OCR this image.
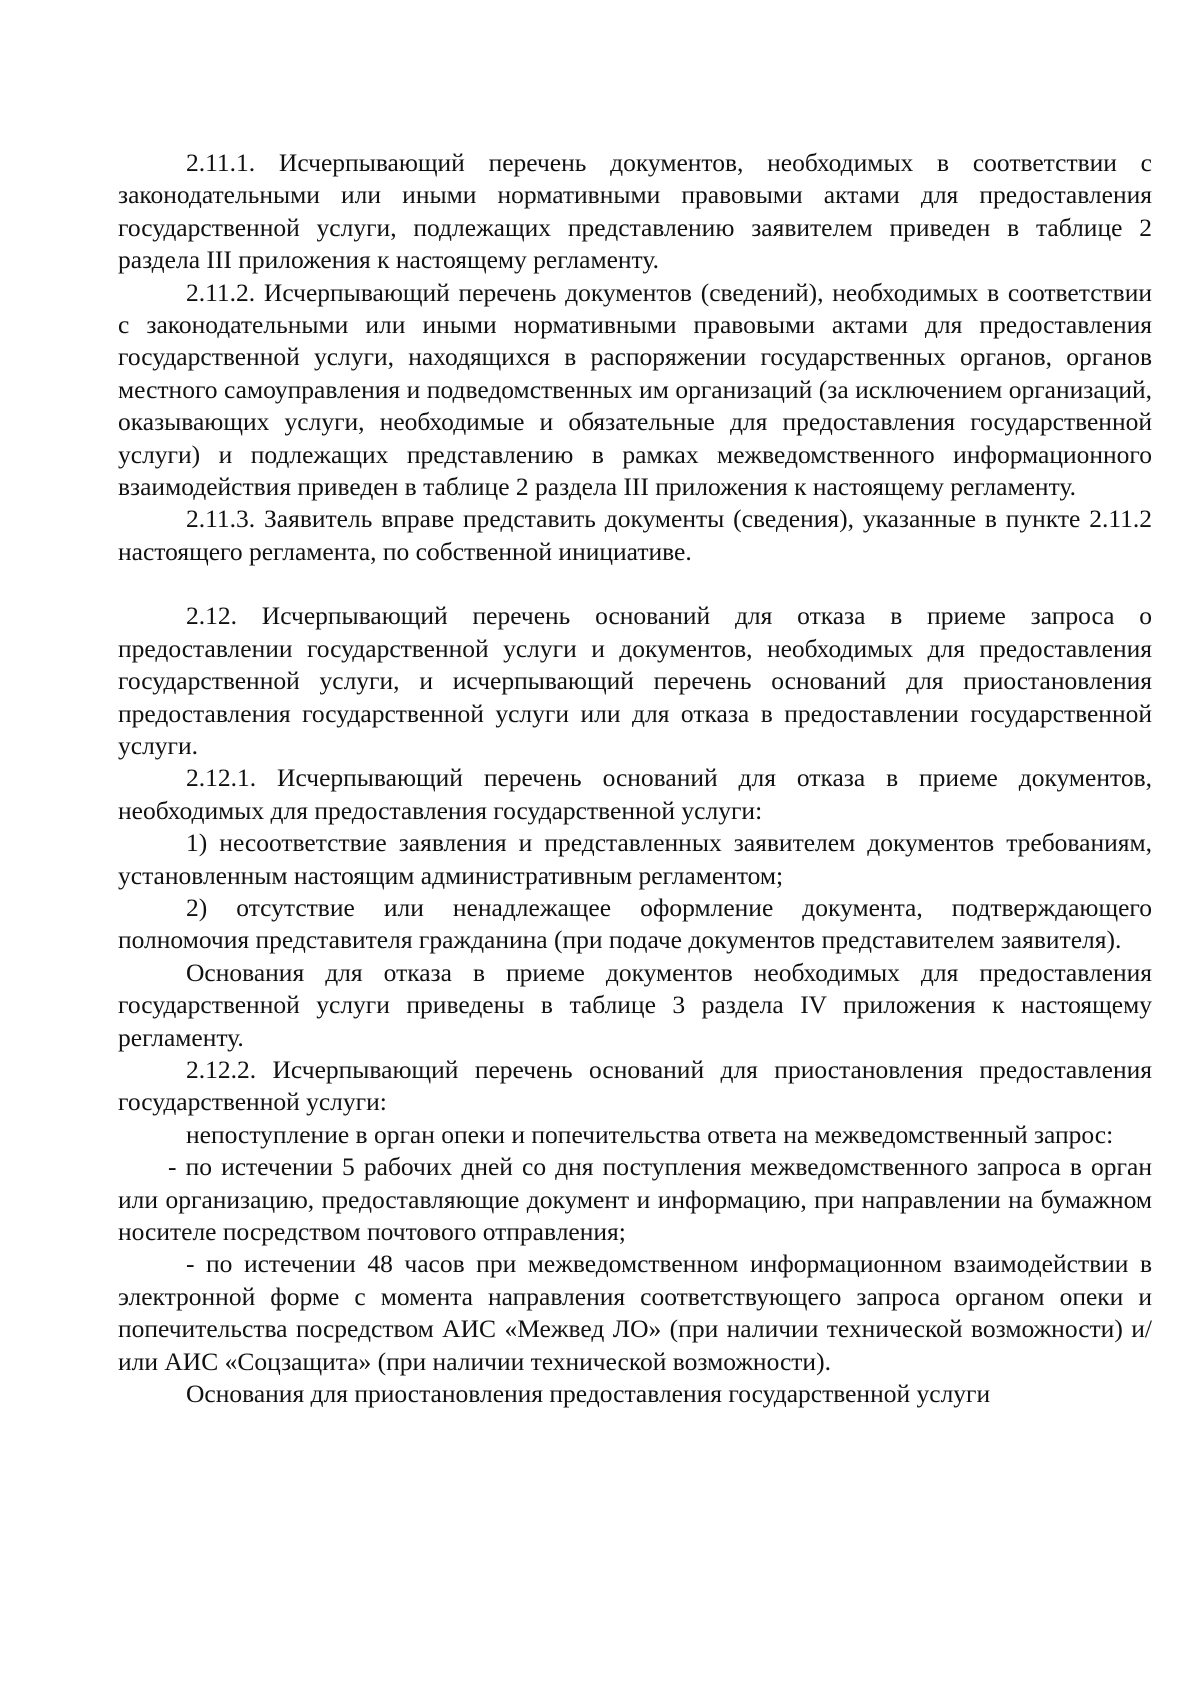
2.11.1. Исчерпывающий перечень документов, необходимых в соответствии с законодательными или иными нормативными правовыми актами для предоставления государственной услуги, подлежащих представлению заявителем приведен в таблице 2 раздела III приложения к настоящему регламенту.

2.11.2. Исчерпывающий перечень документов (сведений), необходимых в соответствии с законодательными или иными нормативными правовыми актами для предоставления государственной услуги, находящихся в распоряжении государственных органов, органов местного самоуправления и подведомственных им организаций (за исключением организаций, оказывающих услуги, необходимые и обязательные для предоставления государственной услуги) и подлежащих представлению в рамках межведомственного информационного взаимодействия приведен в таблице 2 раздела III приложения к настоящему регламенту.

2.11.3. Заявитель вправе представить документы (сведения), указанные в пункте 2.11.2 настоящего регламента, по собственной инициативе.

2.12. Исчерпывающий перечень оснований для отказа в приеме запроса о предоставлении государственной услуги и документов, необходимых для предоставления государственной услуги, и исчерпывающий перечень оснований для приостановления предоставления государственной услуги или для отказа в предоставлении государственной услуги.

2.12.1. Исчерпывающий перечень оснований для отказа в приеме документов, необходимых для предоставления государственной услуги:

1) несоответствие заявления и представленных заявителем документов требованиям, установленным настоящим административным регламентом;

2) отсутствие или ненадлежащее оформление документа, подтверждающего полномочия представителя гражданина (при подаче документов представителем заявителя).

Основания для отказа в приеме документов необходимых для предоставления государственной услуги приведены в таблице 3 раздела IV приложения к настоящему регламенту.

2.12.2. Исчерпывающий перечень оснований для приостановления предоставления государственной услуги:

непоступление в орган опеки и попечительства ответа на межведомственный запрос:

- по истечении 5 рабочих дней со дня поступления межведомственного запроса в орган или организацию, предоставляющие документ и информацию, при направлении на бумажном носителе посредством почтового отправления;

- по истечении 48 часов при межведомственном информационном взаимодействии в электронной форме с момента направления соответствующего запроса органом опеки и попечительства посредством АИС «Межвед ЛО» (при наличии технической возможности) и/или АИС «Соцзащита» (при наличии технической возможности).

Основания для приостановления предоставления государственной услуги
